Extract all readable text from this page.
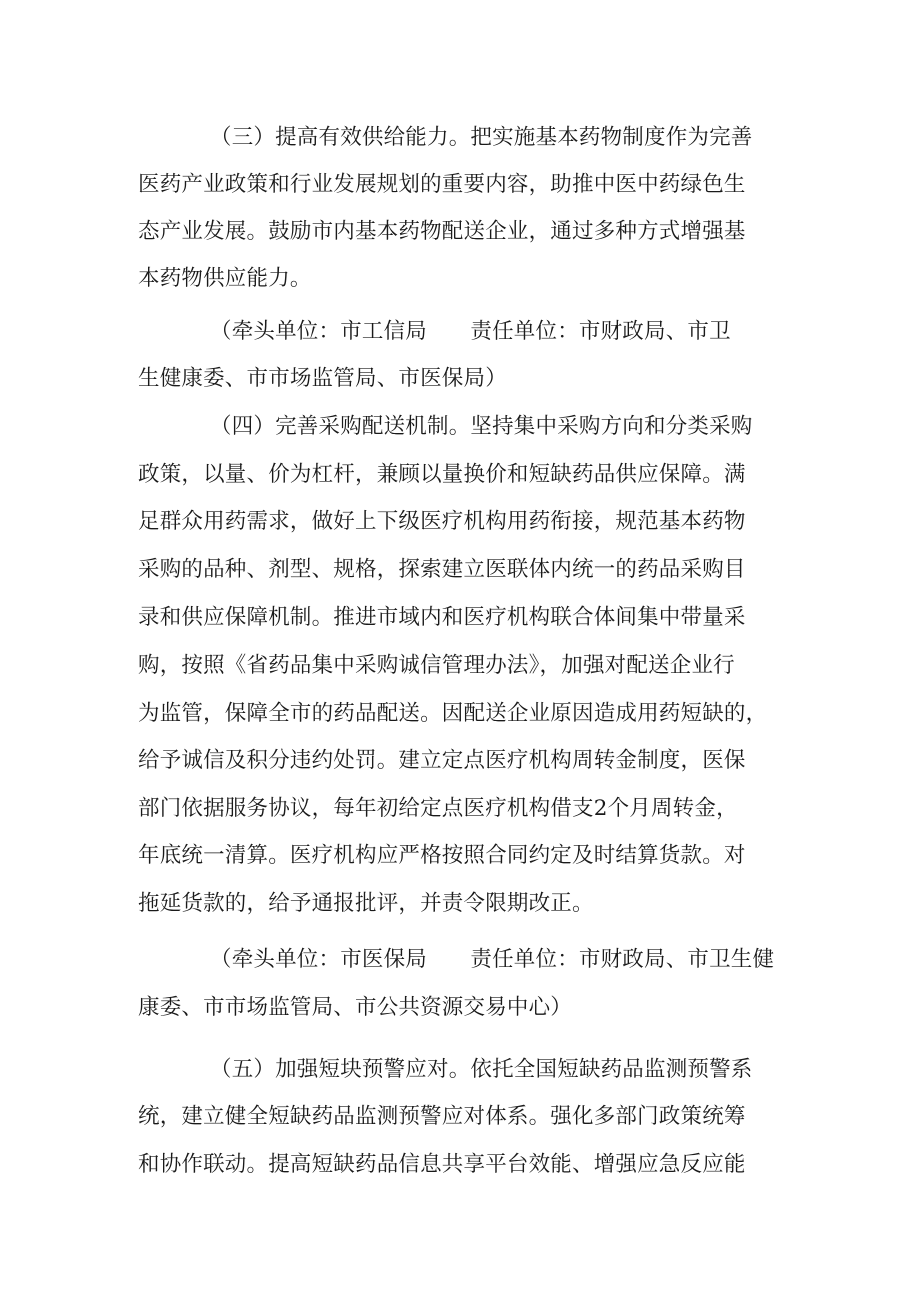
（三）提高有效供给能力。把实施基本药物制度作为完善
医药产业政策和行业发展规划的重要内容，助推中医中药绿色生
态产业发展。鼓励市内基本药物配送企业，通过多种方式增强基
本药物供应能力。
（牵头单位：市工信局　　责任单位：市财政局、市卫
生健康委、市市场监管局、市医保局）
（四）完善采购配送机制。坚持集中采购方向和分类采购
政策，以量、价为杠杆，兼顾以量换价和短缺药品供应保障。满
足群众用药需求，做好上下级医疗机构用药衔接，规范基本药物
采购的品种、剂型、规格，探索建立医联体内统一的药品采购目
录和供应保障机制。推进市域内和医疗机构联合体间集中带量采
购，按照《省药品集中采购诚信管理办法》，加强对配送企业行
为监管，保障全市的药品配送。因配送企业原因造成用药短缺的，
给予诚信及积分违约处罚。建立定点医疗机构周转金制度，医保
部门依据服务协议，每年初给定点医疗机构借支2个月周转金，
年底统一清算。医疗机构应严格按照合同约定及时结算货款。对
拖延货款的，给予通报批评，并责令限期改正。
（牵头单位：市医保局　　责任单位：市财政局、市卫生健
康委、市市场监管局、市公共资源交易中心）
（五）加强短块预警应对。依托全国短缺药品监测预警系
统，建立健全短缺药品监测预警应对体系。强化多部门政策统筹
和协作联动。提高短缺药品信息共享平台效能、增强应急反应能
